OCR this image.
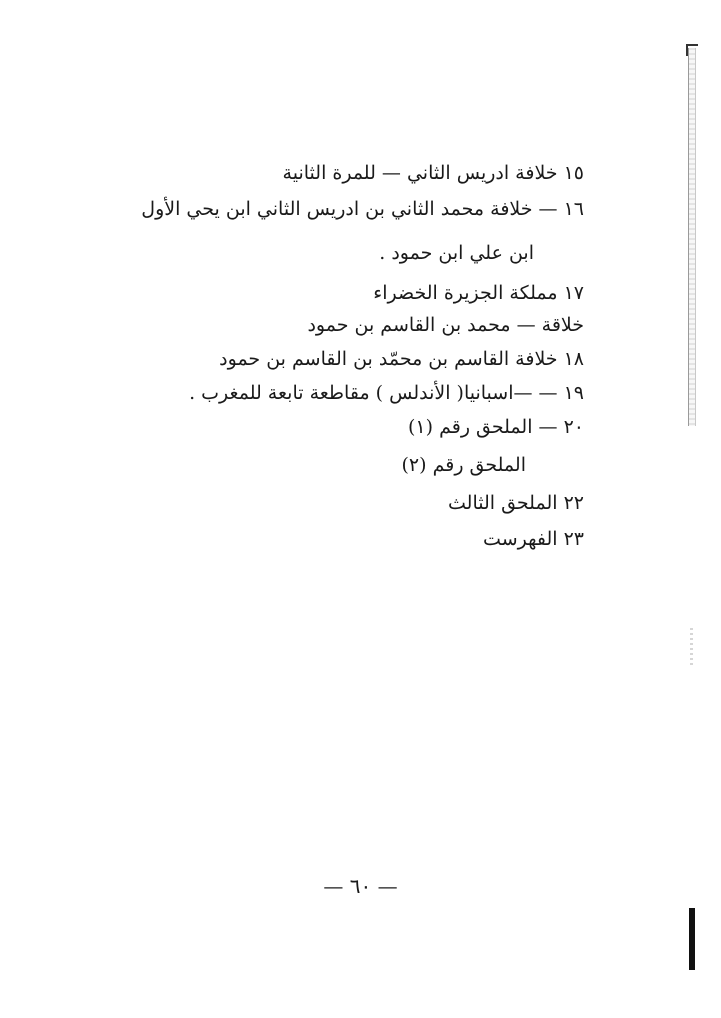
١٥ خلافة ادريس الثاني — للمرة الثانية
١٦ — خلافة محمد الثاني بن ادريس الثاني ابن يحي الأول
ابن علي ابن حمود .
١٧ مملكة الجزيرة الخضراء
خلاقة — محمد بن القاسم بن حمود
١٨ خلافة القاسم بن محمّد بن القاسم بن حمود
١٩ — —اسبانيا( الأندلس ) مقاطعة تابعة للمغرب .
٢٠ — الملحق رقم (١)
الملحق رقم (٢)
٢٢ الملحق الثالث
٢٣ الفهرست
— ٦٠ —
